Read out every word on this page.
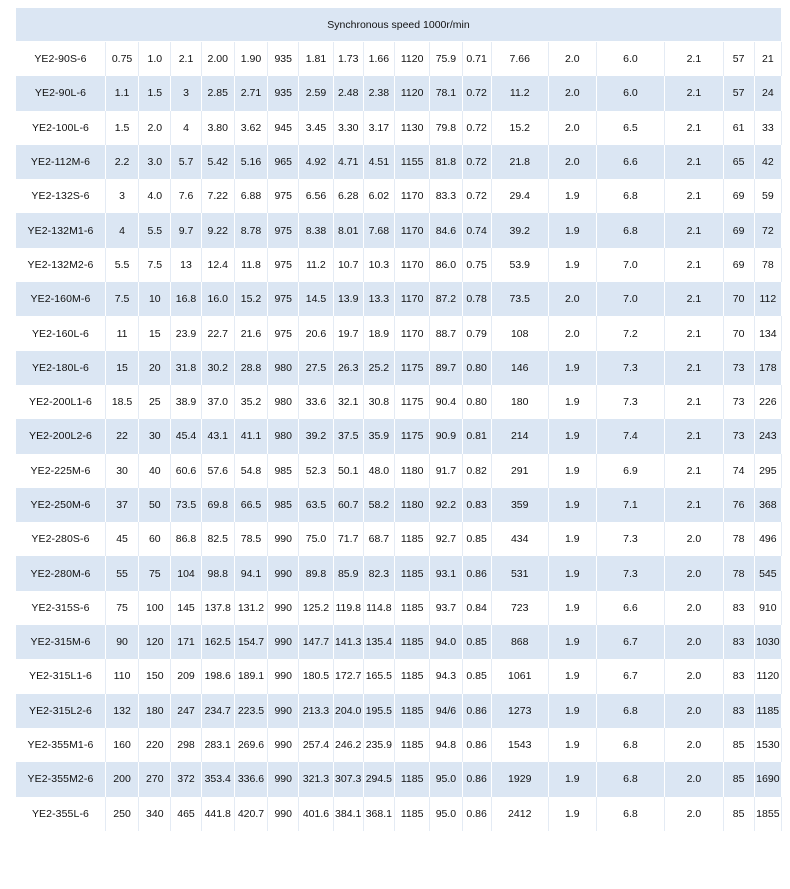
Synchronous speed 1000r/min																		
YE2-90S-6	0.75	1.0	2.1	2.00	1.90	935	1.81	1.73	1.66	1120	75.9	0.71	7.66	2.0	6.0	2.1	57	21
YE2-90L-6	1.1	1.5	3	2.85	2.71	935	2.59	2.48	2.38	1120	78.1	0.72	11.2	2.0	6.0	2.1	57	24
YE2-100L-6	1.5	2.0	4	3.80	3.62	945	3.45	3.30	3.17	1130	79.8	0.72	15.2	2.0	6.5	2.1	61	33
YE2-112M-6	2.2	3.0	5.7	5.42	5.16	965	4.92	4.71	4.51	1155	81.8	0.72	21.8	2.0	6.6	2.1	65	42
YE2-132S-6	3	4.0	7.6	7.22	6.88	975	6.56	6.28	6.02	1170	83.3	0.72	29.4	1.9	6.8	2.1	69	59
YE2-132M1-6	4	5.5	9.7	9.22	8.78	975	8.38	8.01	7.68	1170	84.6	0.74	39.2	1.9	6.8	2.1	69	72
YE2-132M2-6	5.5	7.5	13	12.4	11.8	975	11.2	10.7	10.3	1170	86.0	0.75	53.9	1.9	7.0	2.1	69	78
YE2-160M-6	7.5	10	16.8	16.0	15.2	975	14.5	13.9	13.3	1170	87.2	0.78	73.5	2.0	7.0	2.1	70	112
YE2-160L-6	11	15	23.9	22.7	21.6	975	20.6	19.7	18.9	1170	88.7	0.79	108	2.0	7.2	2.1	70	134
YE2-180L-6	15	20	31.8	30.2	28.8	980	27.5	26.3	25.2	1175	89.7	0.80	146	1.9	7.3	2.1	73	178
YE2-200L1-6	18.5	25	38.9	37.0	35.2	980	33.6	32.1	30.8	1175	90.4	0.80	180	1.9	7.3	2.1	73	226
YE2-200L2-6	22	30	45.4	43.1	41.1	980	39.2	37.5	35.9	1175	90.9	0.81	214	1.9	7.4	2.1	73	243
YE2-225M-6	30	40	60.6	57.6	54.8	985	52.3	50.1	48.0	1180	91.7	0.82	291	1.9	6.9	2.1	74	295
YE2-250M-6	37	50	73.5	69.8	66.5	985	63.5	60.7	58.2	1180	92.2	0.83	359	1.9	7.1	2.1	76	368
YE2-280S-6	45	60	86.8	82.5	78.5	990	75.0	71.7	68.7	1185	92.7	0.85	434	1.9	7.3	2.0	78	496
YE2-280M-6	55	75	104	98.8	94.1	990	89.8	85.9	82.3	1185	93.1	0.86	531	1.9	7.3	2.0	78	545
YE2-315S-6	75	100	145	137.8	131.2	990	125.2	119.8	114.8	1185	93.7	0.84	723	1.9	6.6	2.0	83	910
YE2-315M-6	90	120	171	162.5	154.7	990	147.7	141.3	135.4	1185	94.0	0.85	868	1.9	6.7	2.0	83	1030
YE2-315L1-6	110	150	209	198.6	189.1	990	180.5	172.7	165.5	1185	94.3	0.85	1061	1.9	6.7	2.0	83	1120
YE2-315L2-6	132	180	247	234.7	223.5	990	213.3	204.0	195.5	1185	94/6	0.86	1273	1.9	6.8	2.0	83	1185
YE2-355M1-6	160	220	298	283.1	269.6	990	257.4	246.2	235.9	1185	94.8	0.86	1543	1.9	6.8	2.0	85	1530
YE2-355M2-6	200	270	372	353.4	336.6	990	321.3	307.3	294.5	1185	95.0	0.86	1929	1.9	6.8	2.0	85	1690
YE2-355L-6	250	340	465	441.8	420.7	990	401.6	384.1	368.1	1185	95.0	0.86	2412	1.9	6.8	2.0	85	1855
